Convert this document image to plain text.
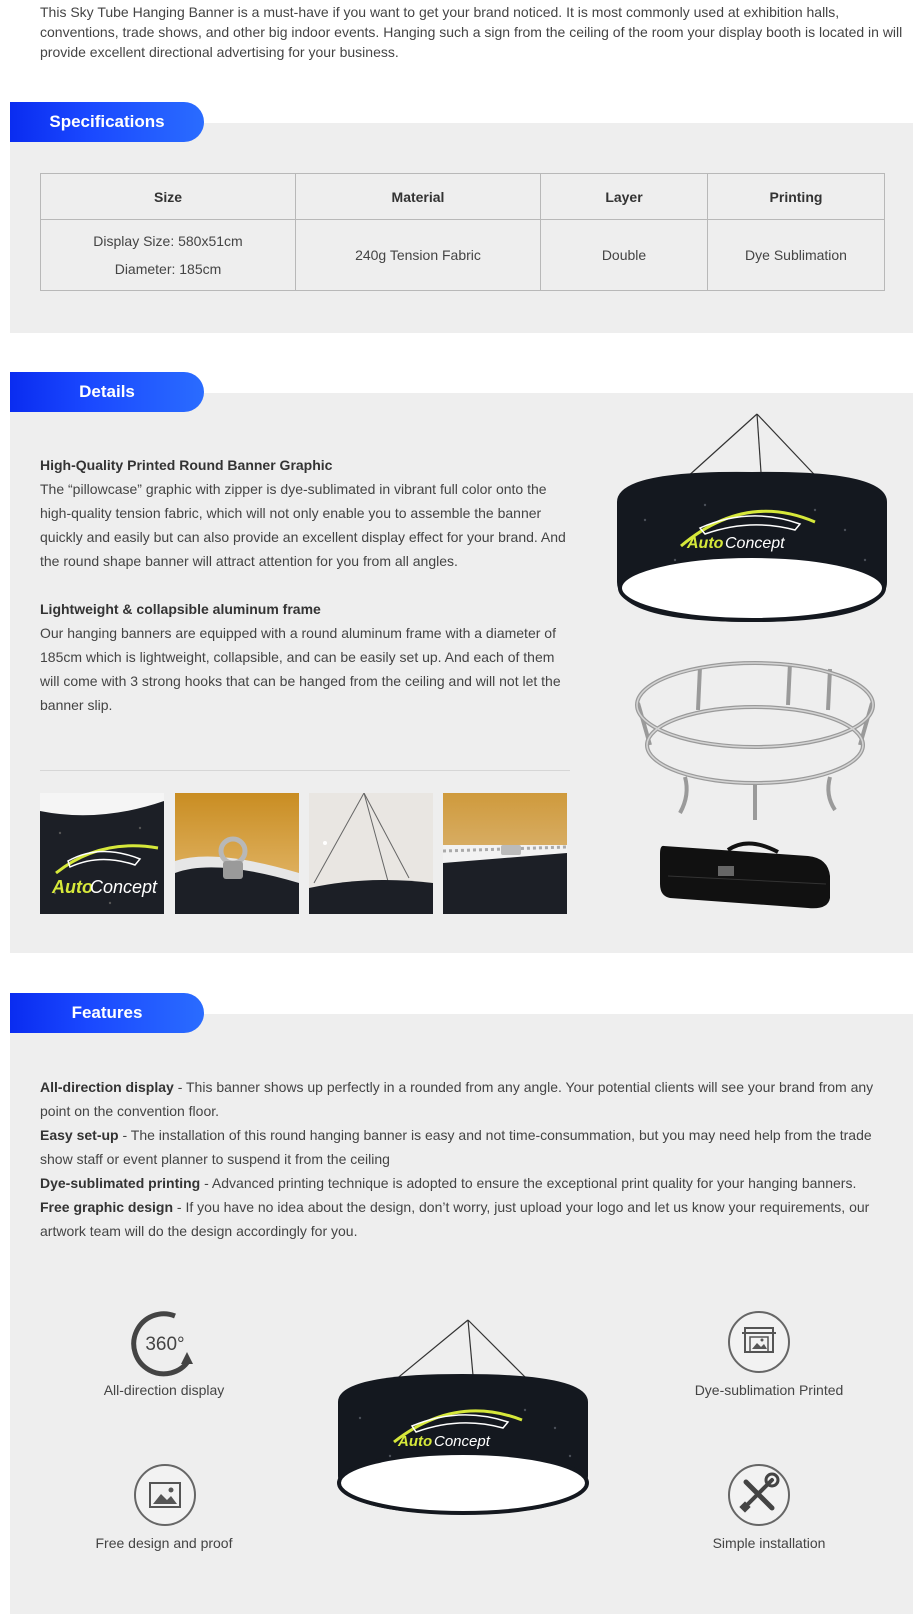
This Sky Tube Hanging Banner is a must-have if you want to get your brand noticed. It is most commonly used at exhibition halls, conventions, trade shows, and other big indoor events. Hanging such a sign from the ceiling of the room your display booth is located in will provide excellent directional advertising for your business.
Specifications
Size	Material	Layer	Printing

Display Size: 580x51cm
Diameter: 185cm	240g Tension Fabric	Double	Dye Sublimation
Details
High-Quality Printed Round Banner Graphic
The “pillowcase” graphic with zipper is dye-sublimated in vibrant full color onto the high-quality tension fabric, which will not only enable you to assemble the banner quickly and easily but can also provide an excellent display effect for your brand. And the round shape banner will attract attention for you from all angles.
Lightweight & collapsible aluminum frame
Our hanging banners are equipped with a round aluminum frame with a diameter of 185cm which is lightweight, collapsible, and can be easily set up. And each of them will come with 3 strong hooks that can be hanged from the ceiling and will not let the banner slip.
Auto
Concept
Auto Concept
Features
All-direction display - This banner shows up perfectly in a rounded from any angle. Your potential clients will see your brand from any point on the convention floor.
Easy set-up - The installation of this round hanging banner is easy and not time-consummation, but you may need help from the trade show staff or event planner to suspend it from the ceiling
Dye-sublimated printing - Advanced printing technique is adopted to ensure the exceptional print quality for your hanging banners.
Free graphic design - If you have no idea about the design, don’t worry, just upload your logo and let us know your requirements, our artwork team will do the design accordingly for you.
360°
All-direction display	Dye-sublimation Printed
Free design and proof	Simple installation
Auto Concept
